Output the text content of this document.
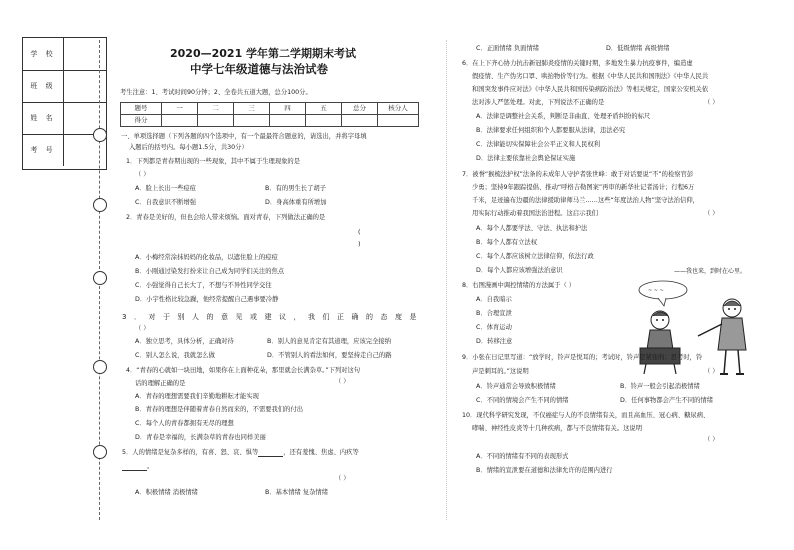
学 校
班 级
姓 名
考 号
2020—2021 学年第二学期期末考试
中学七年级道德与法治试卷
考生注意：1、考试时间90分钟；2、全卷共五道大题，总分100分。
题号	一	二	三	四	五	总分	核分人
得分							
一、单项选择题（下列各题的四个选项中，有一个最最符合题意的，请选出，并将字母填
入题后的括号内。每小题1.5分，共30分）
1．下列都是青春期出现的一些现象，其中不属于生理现象的是
（ ）
A．脸上长出一些痘痘	B．有的男生长了胡子
C．自我意识不断增强	D．身高体重有所增加
2．青春是美好的，但也会给人带来烦恼。面对青春，下列做法正确的是
(
)
A．小梅经常涂抹妈妈的化妆品，以遮住脸上的痘痘
B．小刚通过染发打扮来让自己成为同学们关注的焦点
C．小强觉得自己长大了，不想与不异性同学交往
D．小宇性格比较急躁，他经常提醒自己遇事要冷静
3．对于别人的意见或建议，我们正确的态度是
（ ）
A．独立思考，具体分析，正确对待	B．别人的意见肯定有其道理，应该完全接纳
C．别人怎么说，我就怎么做	D．不管别人的看法如何，要坚持走自己的路
4．“青春的心就如一块田地，如果你在上面种花朵，那里就会长满杂草。”下列对这句
话的理解正确的是	（ ）
A．青春的理想需要我们辛勤地耕耘才能实现
B．青春的理想是伴随着青春自然而来的，不需要我们的付出
C．每个人的青春都拥有无尽的理想
D．青春是幸福的，长满杂草的青春也同样美丽
5．人的情绪是复杂多样的，有喜、怒、哀、惧等	，还有羞愧、焦虑、内疚等
。
（ ）
A．积极情绪 消极情绪	B．基本情绪 复杂情绪
C．正面情绪 负面情绪	D．低级情绪 高级情绪
6．在上下齐心协力抗击新冠肺炎疫情的关键时期，多地发生暴力抗疫事件，编造虚
假疫情、生产伪劣口罩、哄抬物价等行为。根据《中华人民共和国刑法》《中华人民共
和国突发事件应对法》《中华人民共和国传染病防治法》等相关规定，国家公安机关依
法对涉人严惩处理。对此，下列说法不正确的是	（ ）
A．法律是调整社会关系，判断是非曲直、处理矛盾纠纷的标尺
B．法律要求任何组织和个人都要服从法律，违法必究
C．法律能切实保障社会公平正义和人民权利
D．法律主要依靠社会舆论保证实施
7．被誉“猴梳法护权”法条的未成年人守护者张世峰：敢于对话要说“不”的检察官彭
少勇；坚持9年跟踪提倡、推动“呼格吉勒图案”再审的新华社记者汤计；行程6万
千米，足迹遍布边疆的法律援助律师马兰……这些“年度法治人物”坚守法治信仰，
用实际行动推动着我国法治进程。这启示我们	（ ）
A．每个人都要学法、守法、执法和护法
B．每个人都有立法权
C．每个人都应该树立法律信仰，依法行政
D．每个人都应该增强法治意识
8．右图漫画中调控情绪的方法属于（ ）
A．自我暗示
B．合理宣泄
C．体育运动
D．转移注意
——我也来，到时在心里。
~ ~ ~
9．小张在日记里写道：“放学时，铃声是悦耳的；考试时，铃声是紧张的；思考时，铃
声是刺耳的。”这说明	（ ）
A．铃声通常会导致积极情绪	B．铃声一般会引起消极情绪
C．不同的情境会产生不同的情绪	D．任何事物都会产生不同的情绪
10．现代科学研究发现，不仅癌症与人的不良情绪有关，而且高血压、冠心病、糖尿病、
哮喘、神经性皮炎等十几种疾病，都与不良情绪有关。这说明
（ ）
A．不同的情绪有不同的表现形式
B．情绪的宣泄要在道德和法律允许的范围内进行
